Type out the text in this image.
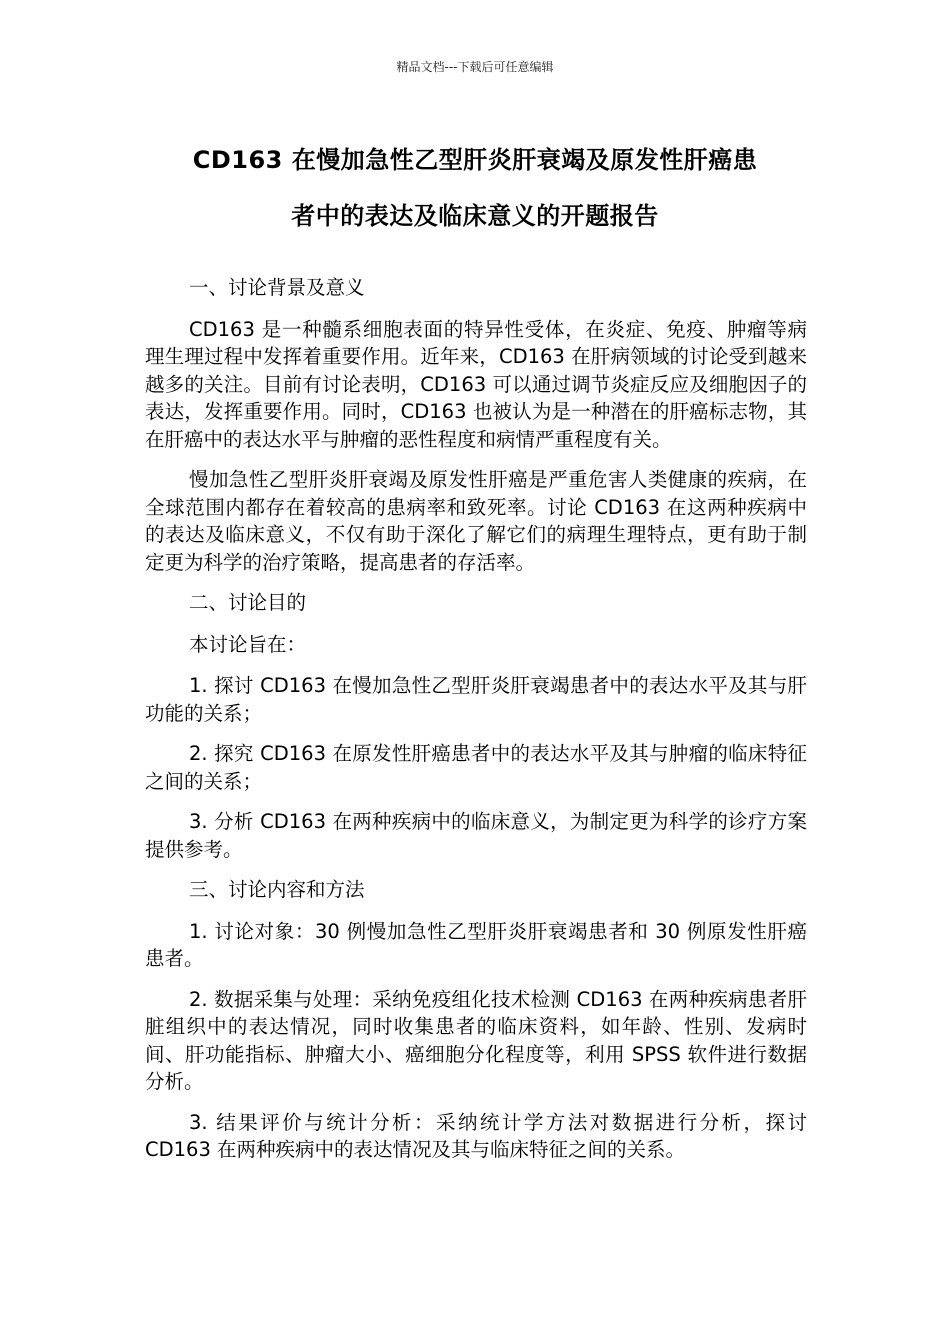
精品文档---下载后可任意编辑
CD163 在慢加急性乙型肝炎肝衰竭及原发性肝癌患
者中的表达及临床意义的开题报告

一、讨论背景及意义

CD163 是一种髓系细胞表面的特异性受体，在炎症、免疫、肿瘤等病理生理过程中发挥着重要作用。近年来，CD163 在肝病领域的讨论受到越来越多的关注。目前有讨论表明，CD163 可以通过调节炎症反应及细胞因子的表达，发挥重要作用。同时，CD163 也被认为是一种潜在的肝癌标志物，其在肝癌中的表达水平与肿瘤的恶性程度和病情严重程度有关。

慢加急性乙型肝炎肝衰竭及原发性肝癌是严重危害人类健康的疾病，在全球范围内都存在着较高的患病率和致死率。讨论 CD163 在这两种疾病中的表达及临床意义，不仅有助于深化了解它们的病理生理特点，更有助于制定更为科学的治疗策略，提高患者的存活率。

二、讨论目的

本讨论旨在：

1. 探讨 CD163 在慢加急性乙型肝炎肝衰竭患者中的表达水平及其与肝功能的关系；

2. 探究 CD163 在原发性肝癌患者中的表达水平及其与肿瘤的临床特征之间的关系；

3. 分析 CD163 在两种疾病中的临床意义，为制定更为科学的诊疗方案提供参考。

三、讨论内容和方法

1. 讨论对象：30 例慢加急性乙型肝炎肝衰竭患者和 30 例原发性肝癌患者。

2. 数据采集与处理：采纳免疫组化技术检测 CD163 在两种疾病患者肝脏组织中的表达情况，同时收集患者的临床资料，如年龄、性别、发病时间、肝功能指标、肿瘤大小、癌细胞分化程度等，利用 SPSS 软件进行数据分析。

3. 结果评价与统计分析：采纳统计学方法对数据进行分析，探讨 CD163 在两种疾病中的表达情况及其与临床特征之间的关系。
